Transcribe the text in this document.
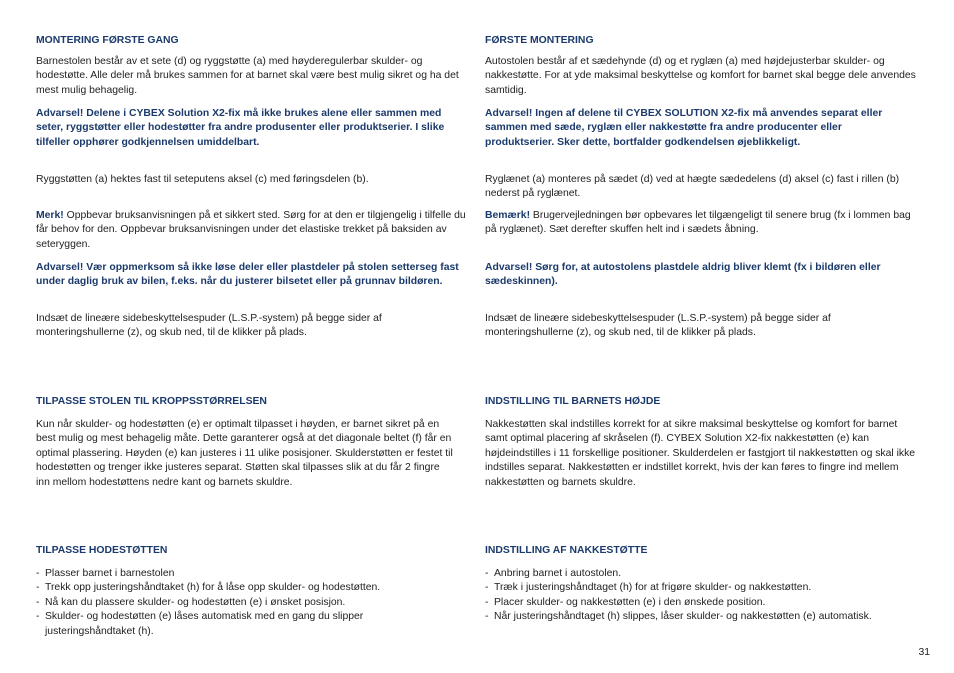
MONTERING FØRSTE GANG
Barnestolen består av et sete (d) og ryggstøtte (a) med høyderegulerbar skulder- og hodestøtte. Alle deler må brukes sammen for at barnet skal være best mulig sikret og ha det mest mulig behagelig.
Advarsel! Delene i CYBEX Solution X2-fix må ikke brukes alene eller sammen med seter, ryggstøtter eller hodestøtter fra andre produsenter eller produktserier. I slike tilfeller opphører godkjennelsen umiddelbart.
Ryggstøtten (a) hektes fast til seteputens aksel (c) med føringsdelen (b).
Merk! Oppbevar bruksanvisningen på et sikkert sted. Sørg for at den er tilgjengelig i tilfelle du får behov for den. Oppbevar bruksanvisningen under det elastiske trekket på baksiden av seteryggen.
Advarsel! Vær oppmerksom så ikke løse deler eller plastdeler på stolen setterseg fast under daglig bruk av bilen, f.eks. når du justerer bilsetet eller på grunnav bildøren.
Indsæt de lineære sidebeskyttelsespuder (L.S.P.-system) på begge sider af monteringshullerne (z), og skub ned, til de klikker på plads.
TILPASSE STOLEN TIL KROPPSSTØRRELSEN
Kun når skulder- og hodestøtten (e) er optimalt tilpasset i høyden, er barnet sikret på en best mulig og mest behagelig måte. Dette garanterer også at det diagonale beltet (f) får en optimal plassering. Høyden (e) kan justeres i 11 ulike posisjoner. Skulderstøtten er festet til hodestøtten og trenger ikke justeres separat. Støtten skal tilpasses slik at du får 2 fingre inn mellom hodestøttens nedre kant og barnets skuldre.
TILPASSE HODESTØTTEN
- Plasser barnet i barnestolen
- Trekk opp justeringshåndtaket (h) for å låse opp skulder- og hodestøtten.
- Nå kan du plassere skulder- og hodestøtten (e) i ønsket posisjon.
- Skulder- og hodestøtten (e) låses automatisk med en gang du slipper justeringshåndtaket (h).
FØRSTE MONTERING
Autostolen består af et sædehynde (d) og et ryglæn (a) med højdejusterbar skulder- og nakkestøtte. For at yde maksimal beskyttelse og komfort for barnet skal begge dele anvendes samtidig.
Advarsel! Ingen af delene til CYBEX SOLUTION X2-fix må anvendes separat eller sammen med sæde, ryglæn eller nakkestøtte fra andre producenter eller produktserier. Sker dette, bortfalder godkendelsen øjeblikkeligt.
Ryglænet (a) monteres på sædet (d) ved at hægte sædedelens (d) aksel (c) fast i rillen (b) nederst på ryglænet.
Bemærk! Brugervejledningen bør opbevares let tilgængeligt til senere brug (fx i lommen bag på ryglænet). Sæt derefter skuffen helt ind i sædets åbning.
Advarsel! Sørg for, at autostolens plastdele aldrig bliver klemt (fx i bildøren eller sædeskinnen).
Indsæt de lineære sidebeskyttelsespuder (L.S.P.-system) på begge sider af monteringshullerne (z), og skub ned, til de klikker på plads.
INDSTILLING TIL BARNETS HØJDE
Nakkestøtten skal indstilles korrekt for at sikre maksimal beskyttelse og komfort for barnet samt optimal placering af skråselen (f). CYBEX Solution X2-fix nakkestøtten (e) kan højdeindstilles i 11 forskellige positioner. Skulderdelen er fastgjort til nakkestøtten og skal ikke indstilles separat. Nakkestøtten er indstillet korrekt, hvis der kan føres to fingre ind mellem nakkestøtten og barnets skuldre.
INDSTILLING AF NAKKESTØTTE
- Anbring barnet i autostolen.
- Træk i justeringshåndtaget (h) for at frigøre skulder- og nakkestøtten.
- Placer skulder- og nakkestøtten (e) i den ønskede position.
- Når justeringshåndtaget (h) slippes, låser skulder- og nakkestøtten (e) automatisk.
31
